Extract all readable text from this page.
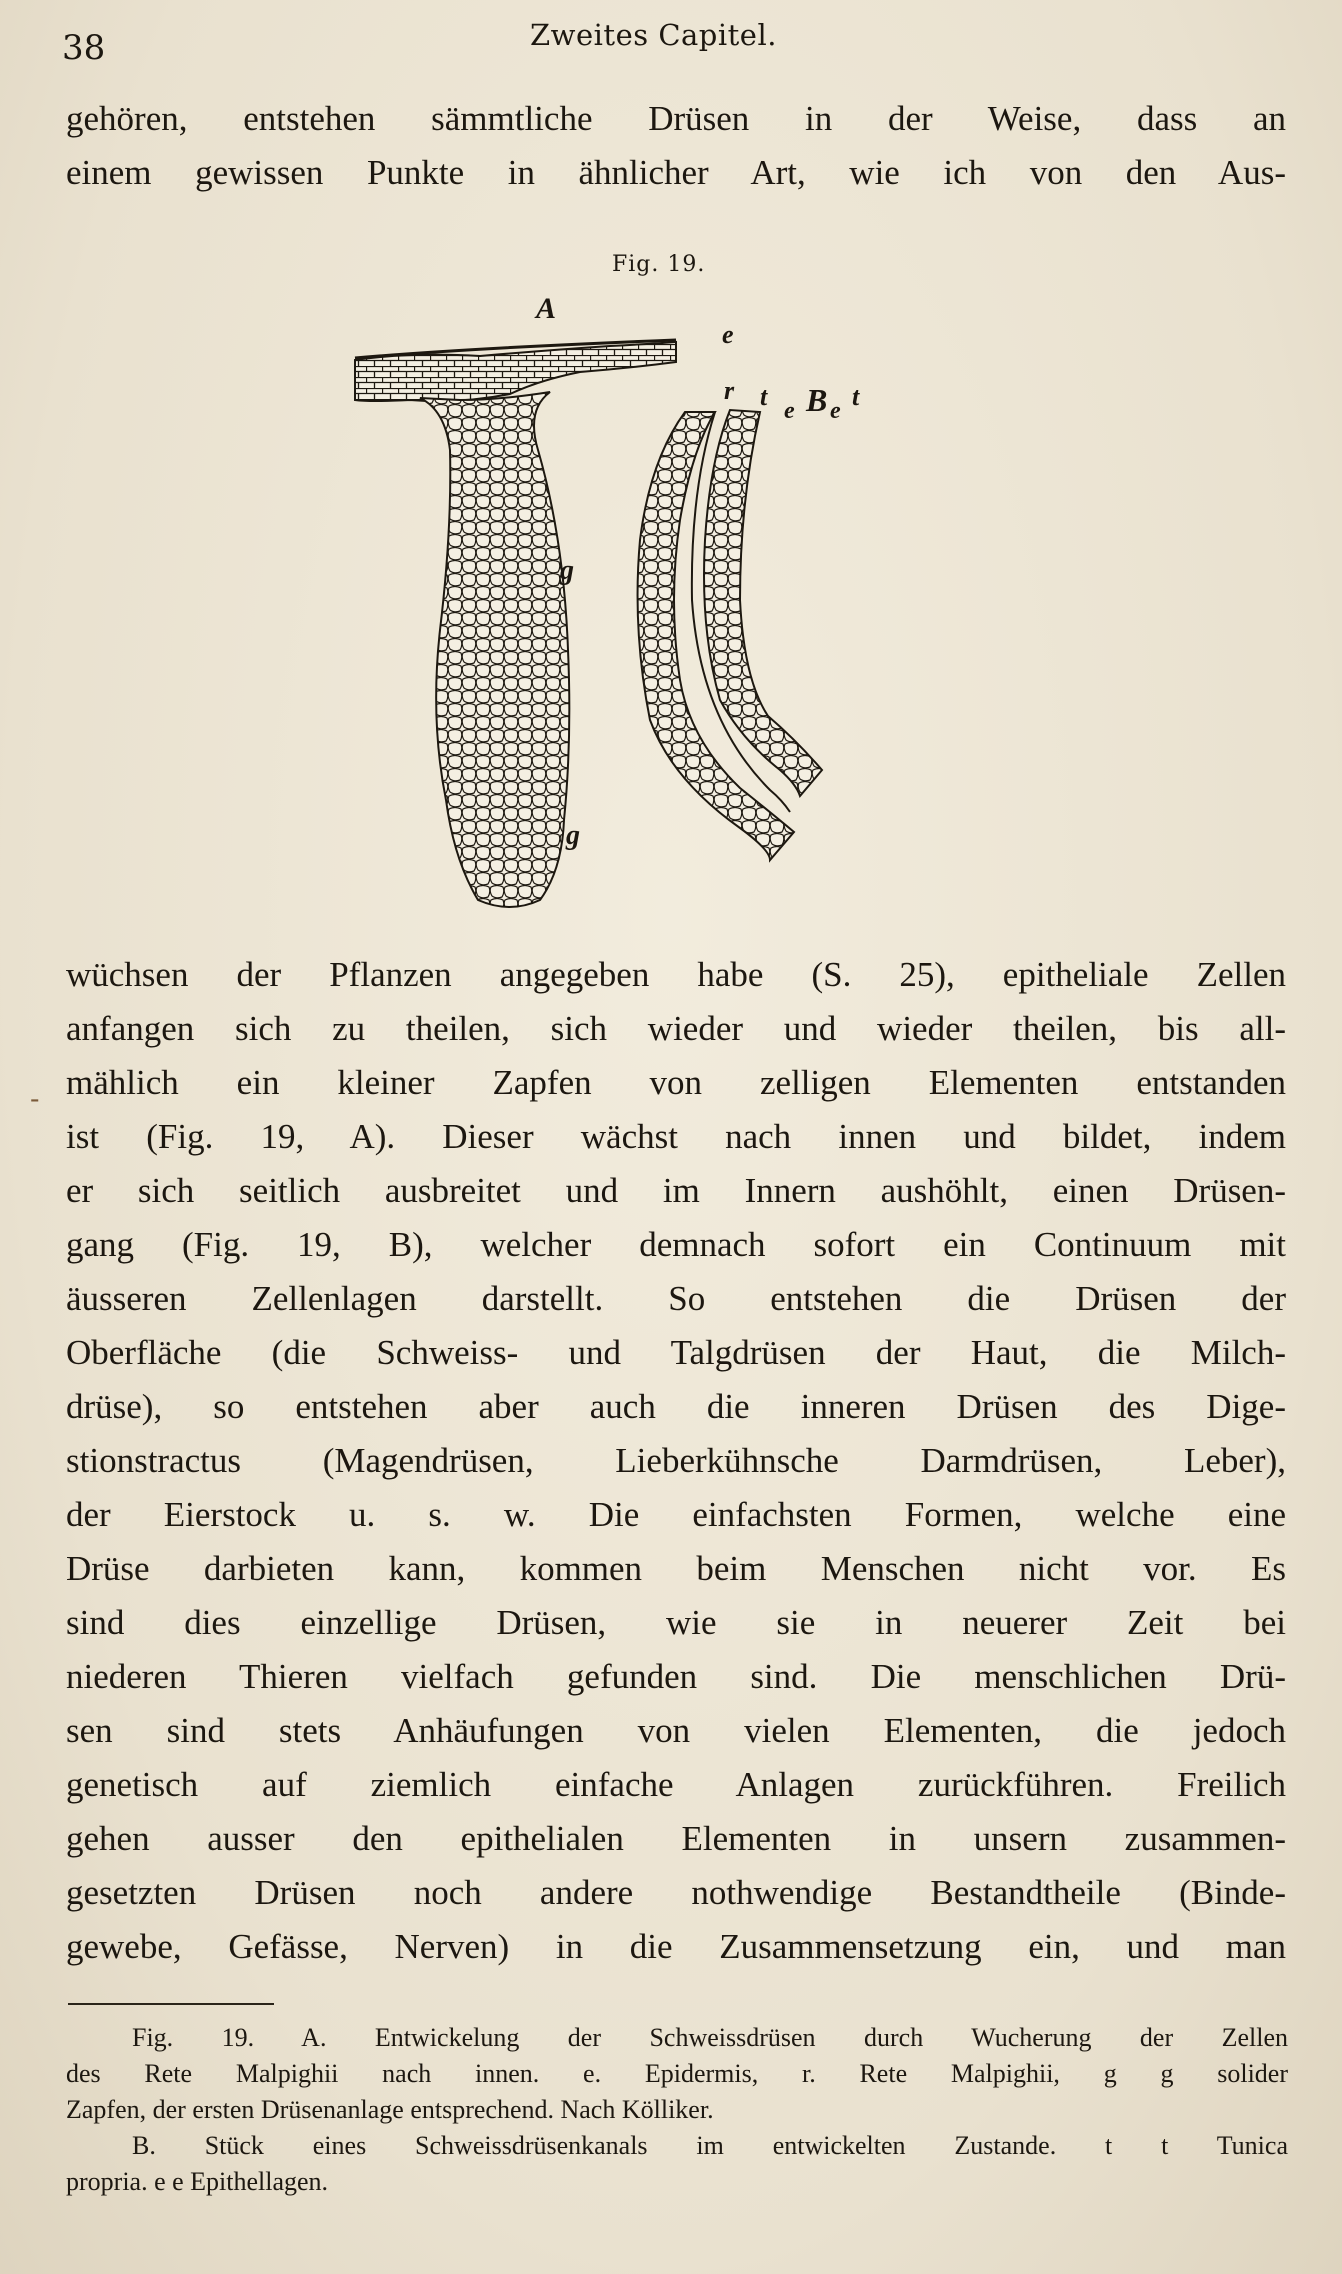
38	Zweites Capitel.
gehören, entstehen sämmtliche Drüsen in der Weise, dass an
einem gewissen Punkte in ähnlicher Art, wie ich von den Aus-
Fig. 19.
A
e
r B
g
g
t e e t
-
wüchsen der Pflanzen angegeben habe (S. 25), epitheliale Zellen
anfangen sich zu theilen, sich wieder und wieder theilen, bis all-
mählich ein kleiner Zapfen von zelligen Elementen entstanden
ist (Fig. 19, A). Dieser wächst nach innen und bildet, indem
er sich seitlich ausbreitet und im Innern aushöhlt, einen Drüsen-
gang (Fig. 19, B), welcher demnach sofort ein Continuum mit
äusseren Zellenlagen darstellt. So entstehen die Drüsen der
Oberfläche (die Schweiss- und Talgdrüsen der Haut, die Milch-
drüse), so entstehen aber auch die inneren Drüsen des Dige-
stionstractus (Magendrüsen, Lieberkühnsche Darmdrüsen, Leber),
der Eierstock u. s. w. Die einfachsten Formen, welche eine
Drüse darbieten kann, kommen beim Menschen nicht vor. Es
sind dies einzellige Drüsen, wie sie in neuerer Zeit bei
niederen Thieren vielfach gefunden sind. Die menschlichen Drü-
sen sind stets Anhäufungen von vielen Elementen, die jedoch
genetisch auf ziemlich einfache Anlagen zurückführen. Freilich
gehen ausser den epithelialen Elementen in unsern zusammen-
gesetzten Drüsen noch andere nothwendige Bestandtheile (Binde-
gewebe, Gefässe, Nerven) in die Zusammensetzung ein, und man
Fig. 19. A. Entwickelung der Schweissdrüsen durch Wucherung der Zellen
des Rete Malpighii nach innen. e. Epidermis, r. Rete Malpighii, g g solider
Zapfen, der ersten Drüsenanlage entsprechend. Nach Kölliker.
B. Stück eines Schweissdrüsenkanals im entwickelten Zustande. t t Tunica
propria. e e Epithellagen.
